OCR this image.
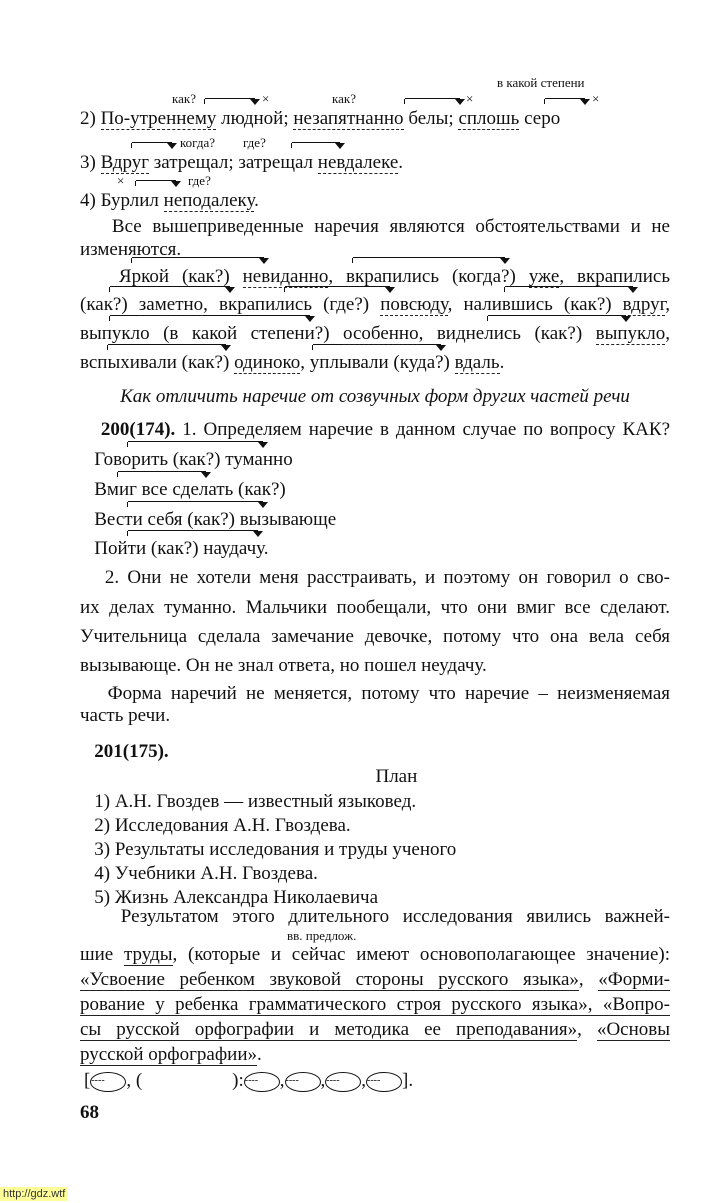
в какой степени
как?	×	как?	×	×
когда? где?
×	где?
вв. предлож.
2) По-утреннему людной; незапятнанно белы; сплошь серо
3) Вдруг затрещал; затрещал невдалеке.
4) Бурлил неподалеку.
Все вышеприведенные наречия являются обстоятельствами и не
изменяются.
Яркой (как?) невиданно, вкрапились (когда?) уже, вкрапились
(как?) заметно, вкрапились (где?) повсюду, налившись (как?) вдруг,
выпукло (в какой степени?) особенно, виднелись (как?) выпукло,
вспыхивали (как?) одиноко, уплывали (куда?) вдаль.
Как отличить наречие от созвучных форм других частей речи
200(174). 1. Определяем наречие в данном случае по вопросу КАК?
Говорить (как?) туманно
Вмиг все сделать (как?)
Вести себя (как?) вызывающе
Пойти (как?) наудачу.
2. Они не хотели меня расстраивать, и поэтому он говорил о сво-
их делах туманно. Мальчики пообещали, что они вмиг все сделают.
Учительница сделала замечание девочке, потому что она вела себя
вызывающе. Он не знал ответа, но пошел неудачу.
Форма наречий не меняется, потому что наречие – неизменяемая
часть речи.
201(175).
План
1) А.Н. Гвоздев — известный языковед.
2) Исследования А.Н. Гвоздева.
3) Результаты исследования и труды ученого
4) Учебники А.Н. Гвоздева.
5) Жизнь Александра Николаевича
Результатом этого длительного исследования явились важней-
шие труды, (которые и сейчас имеют основополагающее значение):
«Усвоение ребенком звуковой стороны русского языка», «Форми-
рование у ребенка грамматического строя русского языка», «Вопро-
сы русской орфографии и методика ее преподавания», «Основы
русской орфографии».
[---- , (	):---- ,---- ,---- ,---- ].
68
http://gdz.wtf
